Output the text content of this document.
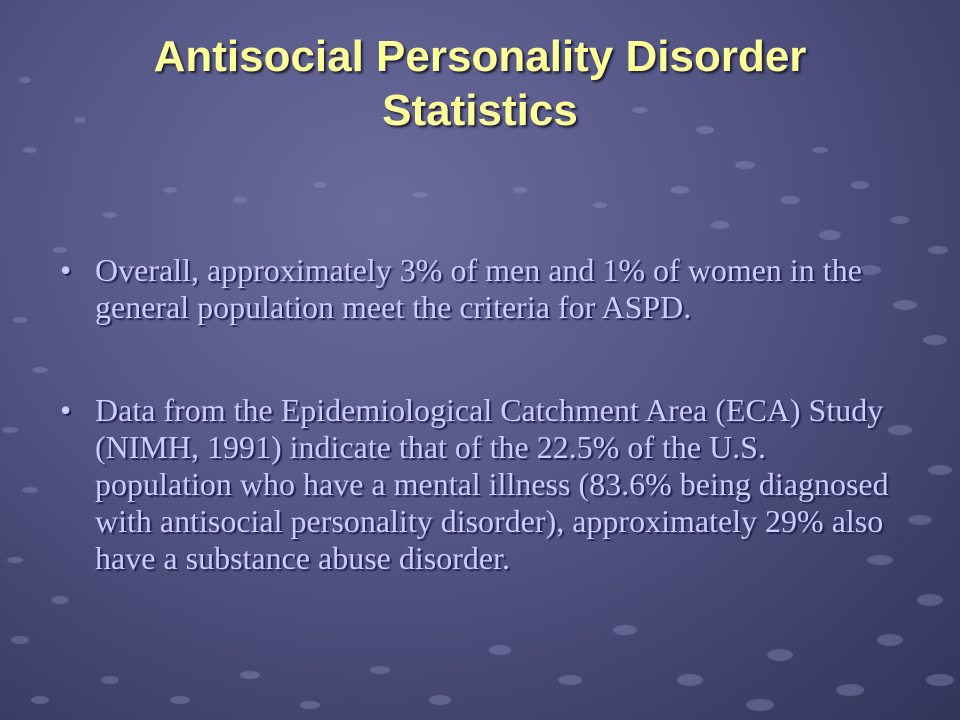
Antisocial Personality Disorder
Statistics
• Overall, approximately 3% of men and 1% of women in the general population meet the criteria for ASPD.
• Data from the Epidemiological Catchment Area (ECA) Study (NIMH, 1991) indicate that of the 22.5% of the U.S. population who have a mental illness (83.6% being diagnosed with antisocial personality disorder), approximately 29% also have a substance abuse disorder.
